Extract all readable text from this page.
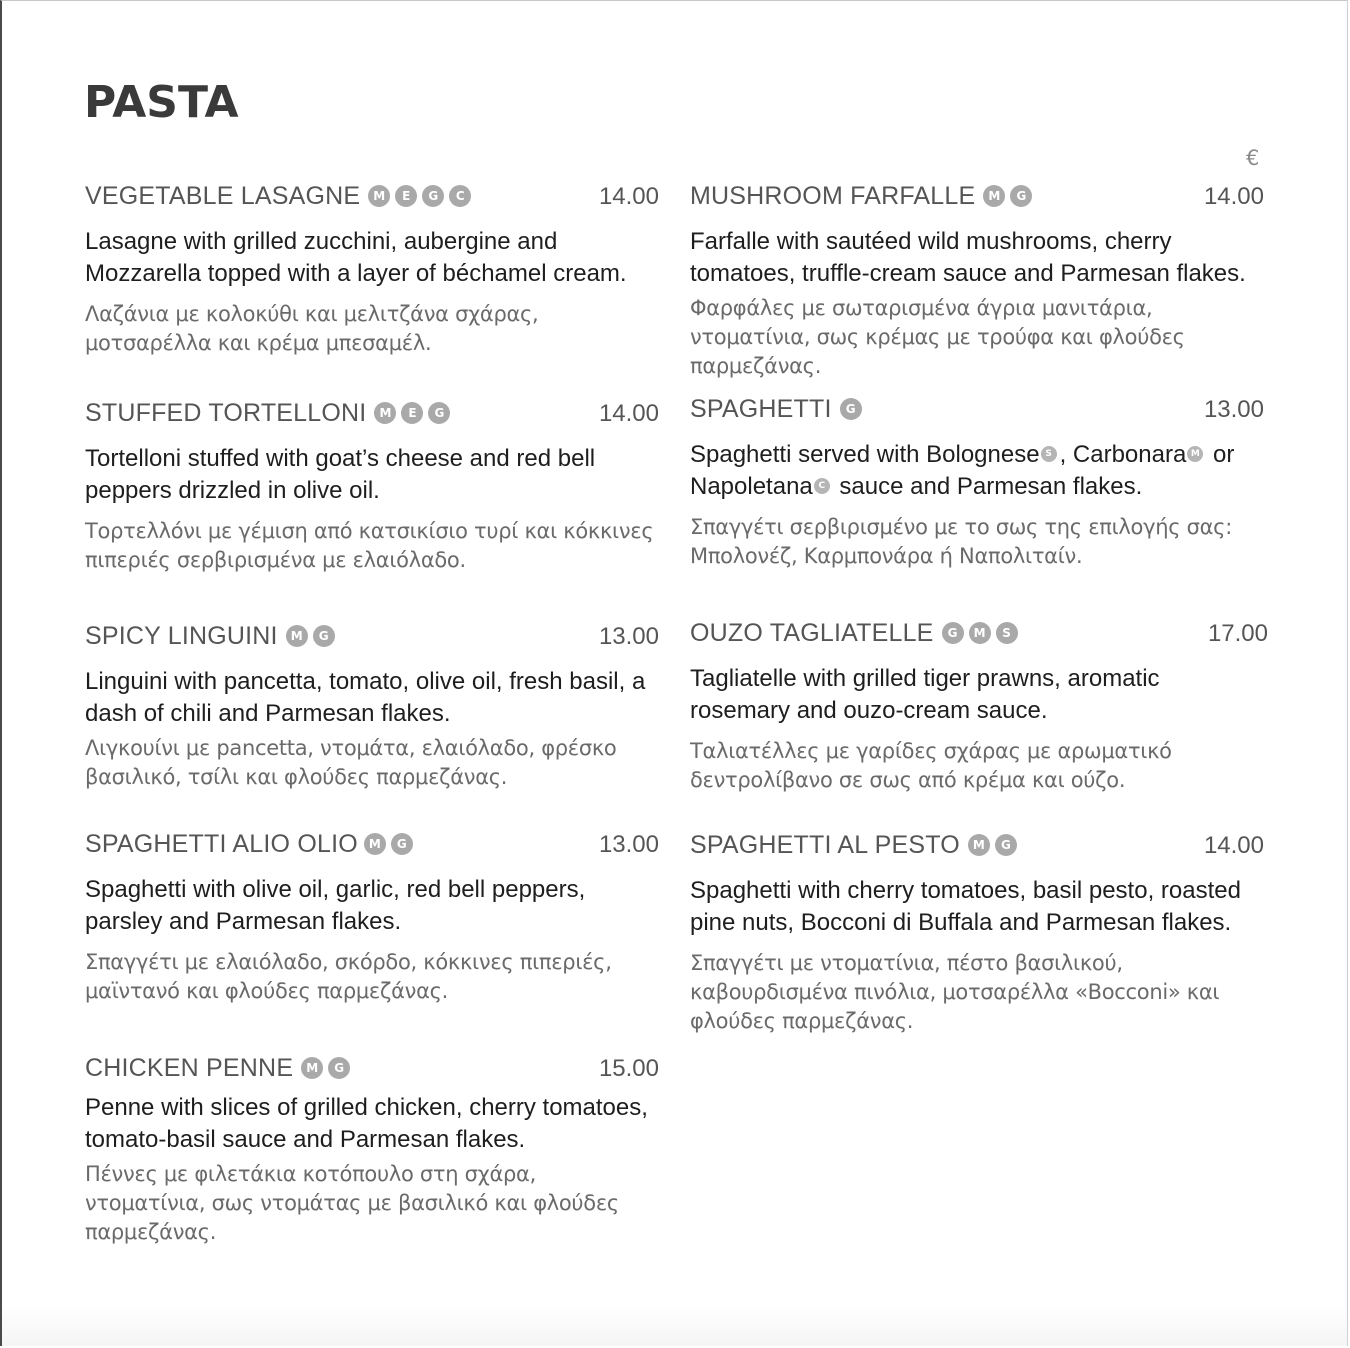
PASTA
€
VEGETABLE LASAGNE M E G C	14.00
Lasagne with grilled zucchini, aubergine and Mozzarella topped with a layer of béchamel cream.
Λαζάνια με κολοκύθι και μελιτζάνα σχάρας, μοτσαρέλλα και κρέμα μπεσαμέλ.
STUFFED TORTELLONI M E G	14.00
Tortelloni stuffed with goat’s cheese and red bell peppers drizzled in olive oil.
Τορτελλόνι με γέμιση από κατσικίσιο τυρί και κόκκινες πιπεριές σερβιρισμένα με ελαιόλαδο.
SPICY LINGUINI M G	13.00
Linguini with pancetta, tomato, olive oil, fresh basil, a dash of chili and Parmesan flakes.
Λιγκουίνι με pancetta, ντομάτα, ελαιόλαδο, φρέσκο βασιλικό, τσίλι και φλούδες παρμεζάνας.
SPAGHETTI ALIO OLIO M G	13.00
Spaghetti with olive oil, garlic, red bell peppers, parsley and Parmesan flakes.
Σπαγγέτι με ελαιόλαδο, σκόρδο, κόκκινες πιπεριές, μαϊντανό και φλούδες παρμεζάνας.
CHICKEN PENNE M G	15.00
Penne with slices of grilled chicken, cherry tomatoes, tomato-basil sauce and Parmesan flakes.
Πέννες με φιλετάκια κοτόπουλο στη σχάρα, ντοματίνια, σως ντομάτας με βασιλικό και φλούδες παρμεζάνας.
MUSHROOM FARFALLE M G	14.00
Farfalle with sautéed wild mushrooms, cherry tomatoes, truffle-cream sauce and Parmesan flakes.
Φαρφάλες με σωταρισμένα άγρια μανιτάρια, ντοματίνια, σως κρέμας με τρούφα και φλούδες παρμεζάνας.
SPAGHETTI G	13.00
Spaghetti served with Bolognese S , Carbonara M or Napoletana C sauce and Parmesan flakes.
Σπαγγέτι σερβιρισμένο με το σως της επιλογής σας: Μπολονέζ, Καρμπονάρα ή Ναπολιταίν.
OUZO TAGLIATELLE G M S	17.00
Tagliatelle with grilled tiger prawns, aromatic rosemary and ouzo-cream sauce.
Ταλιατέλλες με γαρίδες σχάρας με αρωματικό δεντρολίβανο σε σως από κρέμα και ούζο.
SPAGHETTI AL PESTO M G	14.00
Spaghetti with cherry tomatoes, basil pesto, roasted pine nuts, Bocconi di Buffala and Parmesan flakes.
Σπαγγέτι με ντοματίνια, πέστο βασιλικού, καβουρδισμένα πινόλια, μοτσαρέλλα «Bocconi» και φλούδες παρμεζάνας.
